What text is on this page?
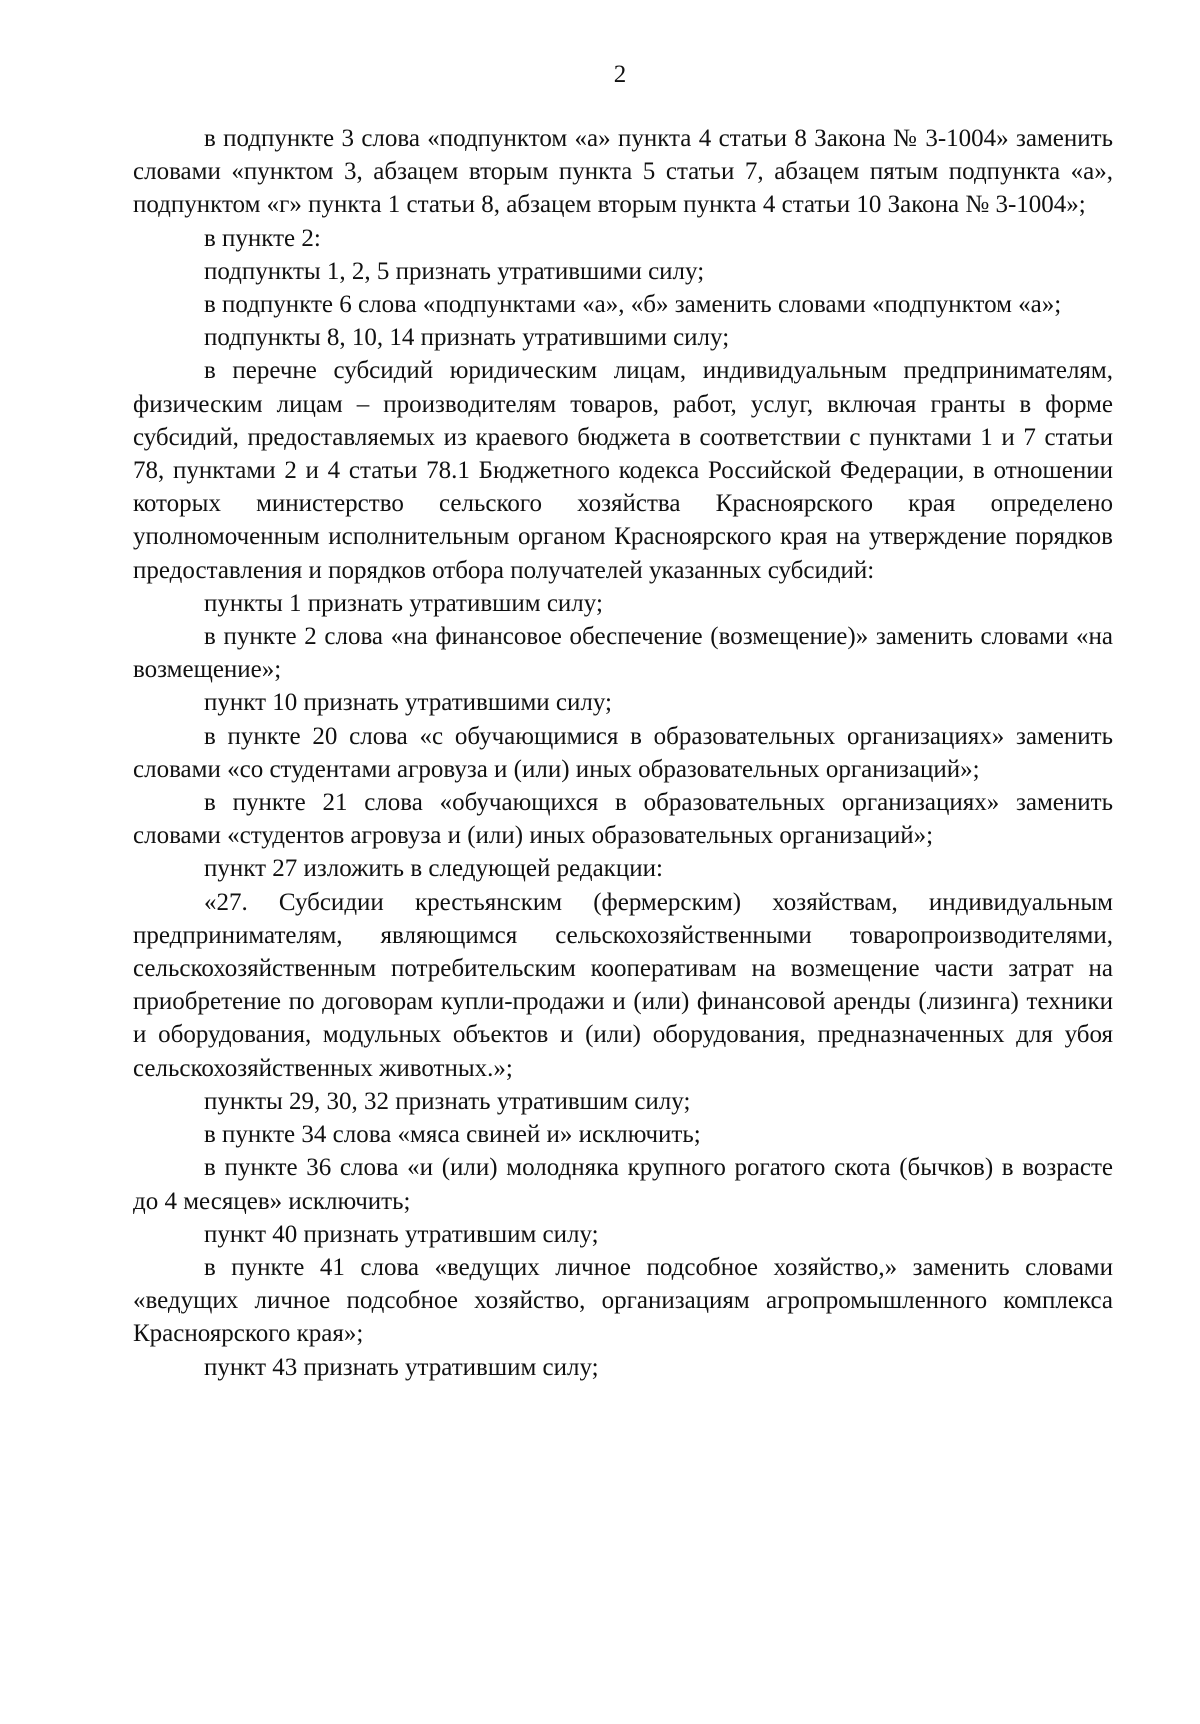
2

в подпункте 3 слова «подпунктом «а» пункта 4 статьи 8 Закона № 3-1004» заменить словами «пунктом 3, абзацем вторым пункта 5 статьи 7, абзацем пятым подпункта «а», подпунктом «г» пункта 1 статьи 8, абзацем вторым пункта 4 статьи 10 Закона № 3-1004»;

в пункте 2:

подпункты 1, 2, 5 признать утратившими силу;

в подпункте 6 слова «подпунктами «а», «б» заменить словами «подпунктом «а»;

подпункты 8, 10, 14 признать утратившими силу;

в перечне субсидий юридическим лицам, индивидуальным предпринимателям, физическим лицам – производителям товаров, работ, услуг, включая гранты в форме субсидий, предоставляемых из краевого бюджета в соответствии с пунктами 1 и 7 статьи 78, пунктами 2 и 4 статьи 78.1 Бюджетного кодекса Российской Федерации, в отношении которых министерство сельского хозяйства Красноярского края определено уполномоченным исполнительным органом Красноярского края на утверждение порядков предоставления и порядков отбора получателей указанных субсидий:

пункты 1 признать утратившим силу;

в пункте 2 слова «на финансовое обеспечение (возмещение)» заменить словами «на возмещение»;

пункт 10 признать утратившими силу;

в пункте 20 слова «с обучающимися в образовательных организациях» заменить словами «со студентами агровуза и (или) иных образовательных организаций»;

в пункте 21 слова «обучающихся в образовательных организациях» заменить словами «студентов агровуза и (или) иных образовательных организаций»;

пункт 27 изложить в следующей редакции:

«27. Субсидии крестьянским (фермерским) хозяйствам, индивидуальным предпринимателям, являющимся сельскохозяйственными товаропроизводителями, сельскохозяйственным потребительским кооперативам на возмещение части затрат на приобретение по договорам купли-продажи и (или) финансовой аренды (лизинга) техники и оборудования, модульных объектов и (или) оборудования, предназначенных для убоя сельскохозяйственных животных.»;

пункты 29, 30, 32 признать утратившим силу;

в пункте 34 слова «мяса свиней и» исключить;

в пункте 36 слова «и (или) молодняка крупного рогатого скота (бычков) в возрасте до 4 месяцев» исключить;

пункт 40 признать утратившим силу;

в пункте 41 слова «ведущих личное подсобное хозяйство,» заменить словами «ведущих личное подсобное хозяйство, организациям агропромышленного комплекса Красноярского края»;

пункт 43 признать утратившим силу;
